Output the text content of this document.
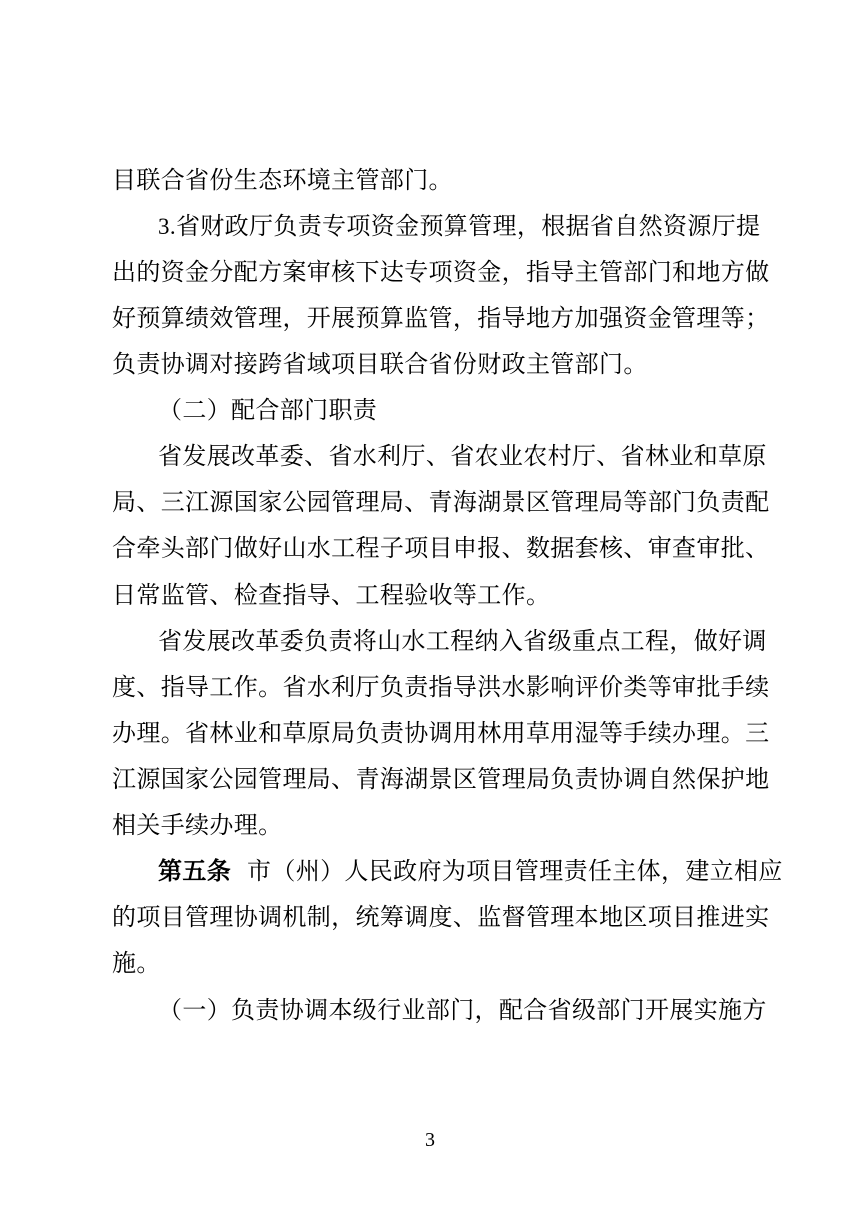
目联合省份生态环境主管部门。
3.省财政厅负责专项资金预算管理，根据省自然资源厅提
出的资金分配方案审核下达专项资金，指导主管部门和地方做
好预算绩效管理，开展预算监管，指导地方加强资金管理等；
负责协调对接跨省域项目联合省份财政主管部门。
（二）配合部门职责
省发展改革委、省水利厅、省农业农村厅、省林业和草原
局、三江源国家公园管理局、青海湖景区管理局等部门负责配
合牵头部门做好山水工程子项目申报、数据套核、审查审批、
日常监管、检查指导、工程验收等工作。
省发展改革委负责将山水工程纳入省级重点工程，做好调
度、指导工作。省水利厅负责指导洪水影响评价类等审批手续
办理。省林业和草原局负责协调用林用草用湿等手续办理。三
江源国家公园管理局、青海湖景区管理局负责协调自然保护地
相关手续办理。
第五条  市（州）人民政府为项目管理责任主体，建立相应
的项目管理协调机制，统筹调度、监督管理本地区项目推进实
施。
（一）负责协调本级行业部门，配合省级部门开展实施方
3
